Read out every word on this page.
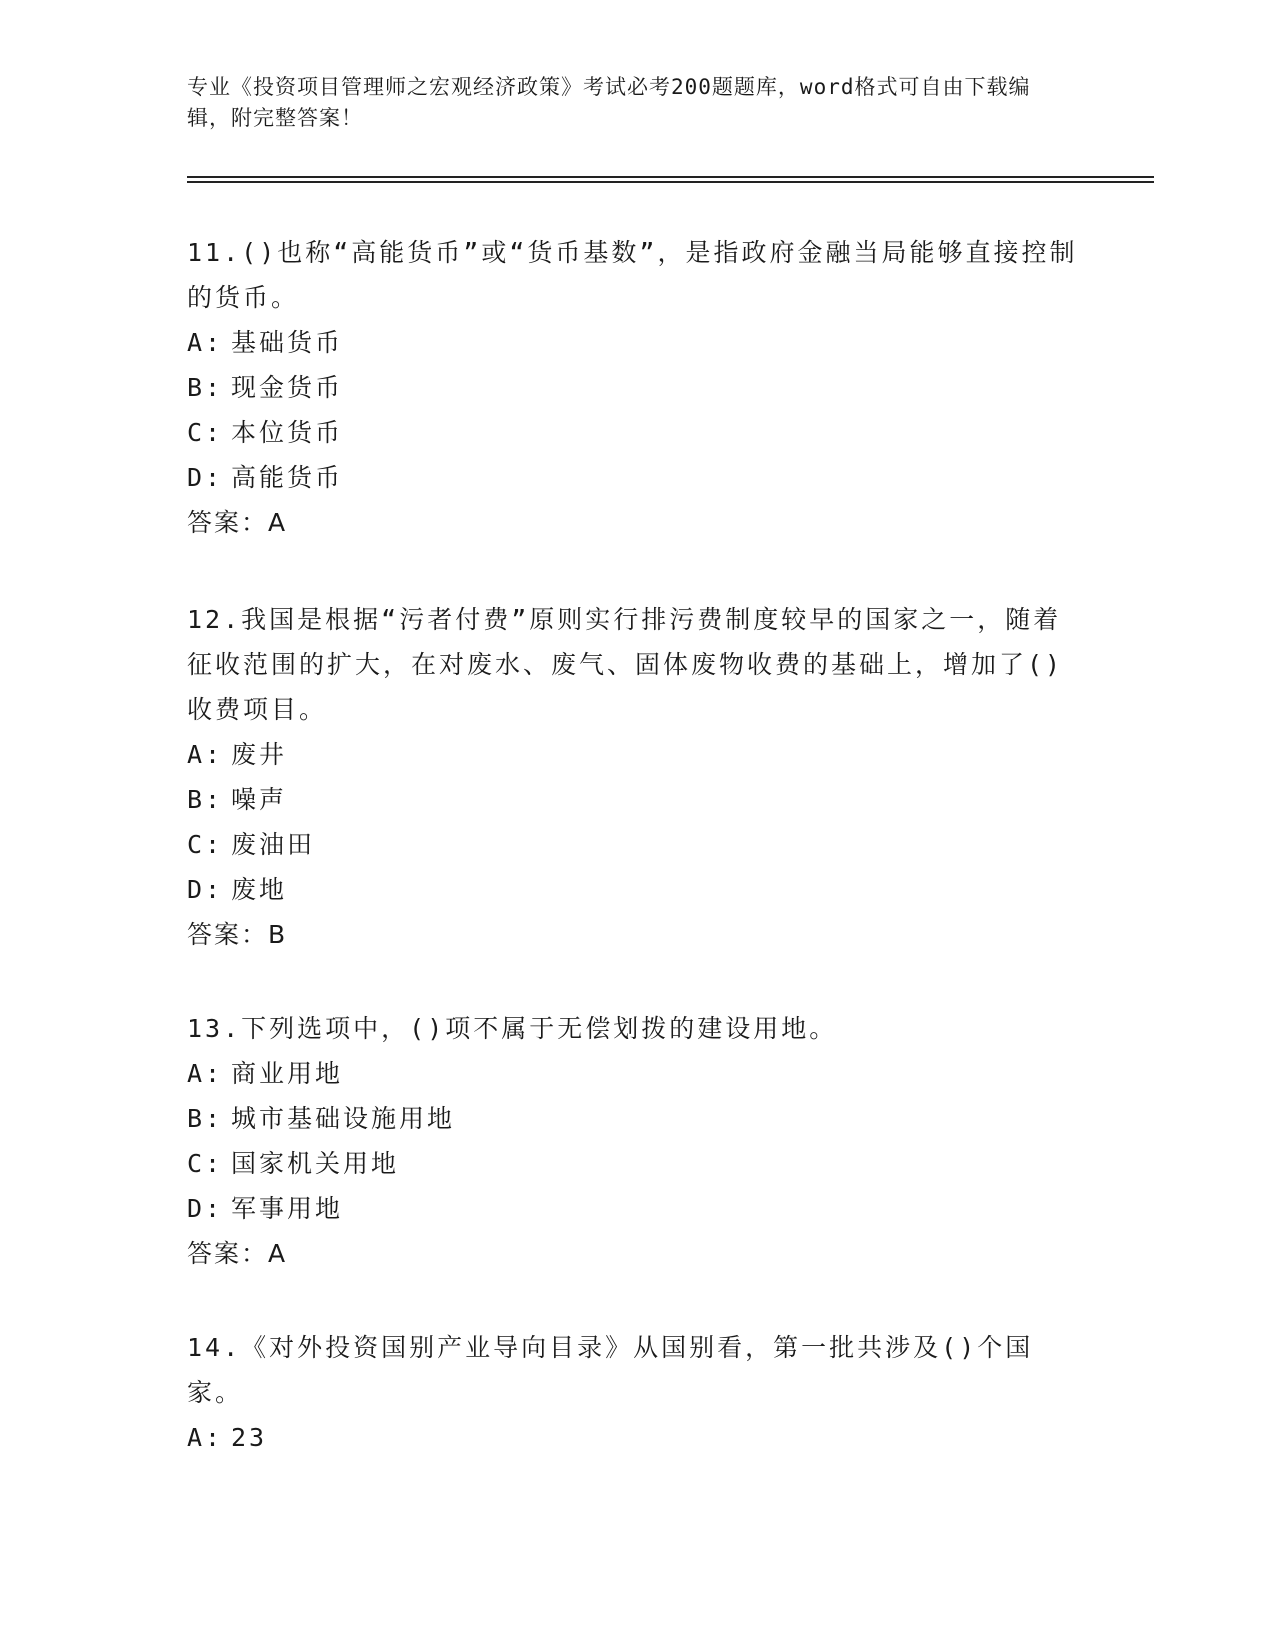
专业《投资项目管理师之宏观经济政策》考试必考200题题库，word格式可自由下载编辑，附完整答案！

11.()也称“高能货币”或“货币基数”，是指政府金融当局能够直接控制的货币。

A: 基础货币

B: 现金货币

C: 本位货币

D: 高能货币

答案：A

12.我国是根据“污者付费”原则实行排污费制度较早的国家之一，随着征收范围的扩大，在对废水、废气、固体废物收费的基础上，增加了()收费项目。

A: 废井

B: 噪声

C: 废油田

D: 废地

答案：B

13.下列选项中，()项不属于无偿划拨的建设用地。

A: 商业用地

B: 城市基础设施用地

C: 国家机关用地

D: 军事用地

答案：A

14.《对外投资国别产业导向目录》从国别看，第一批共涉及()个国家。

A: 23
